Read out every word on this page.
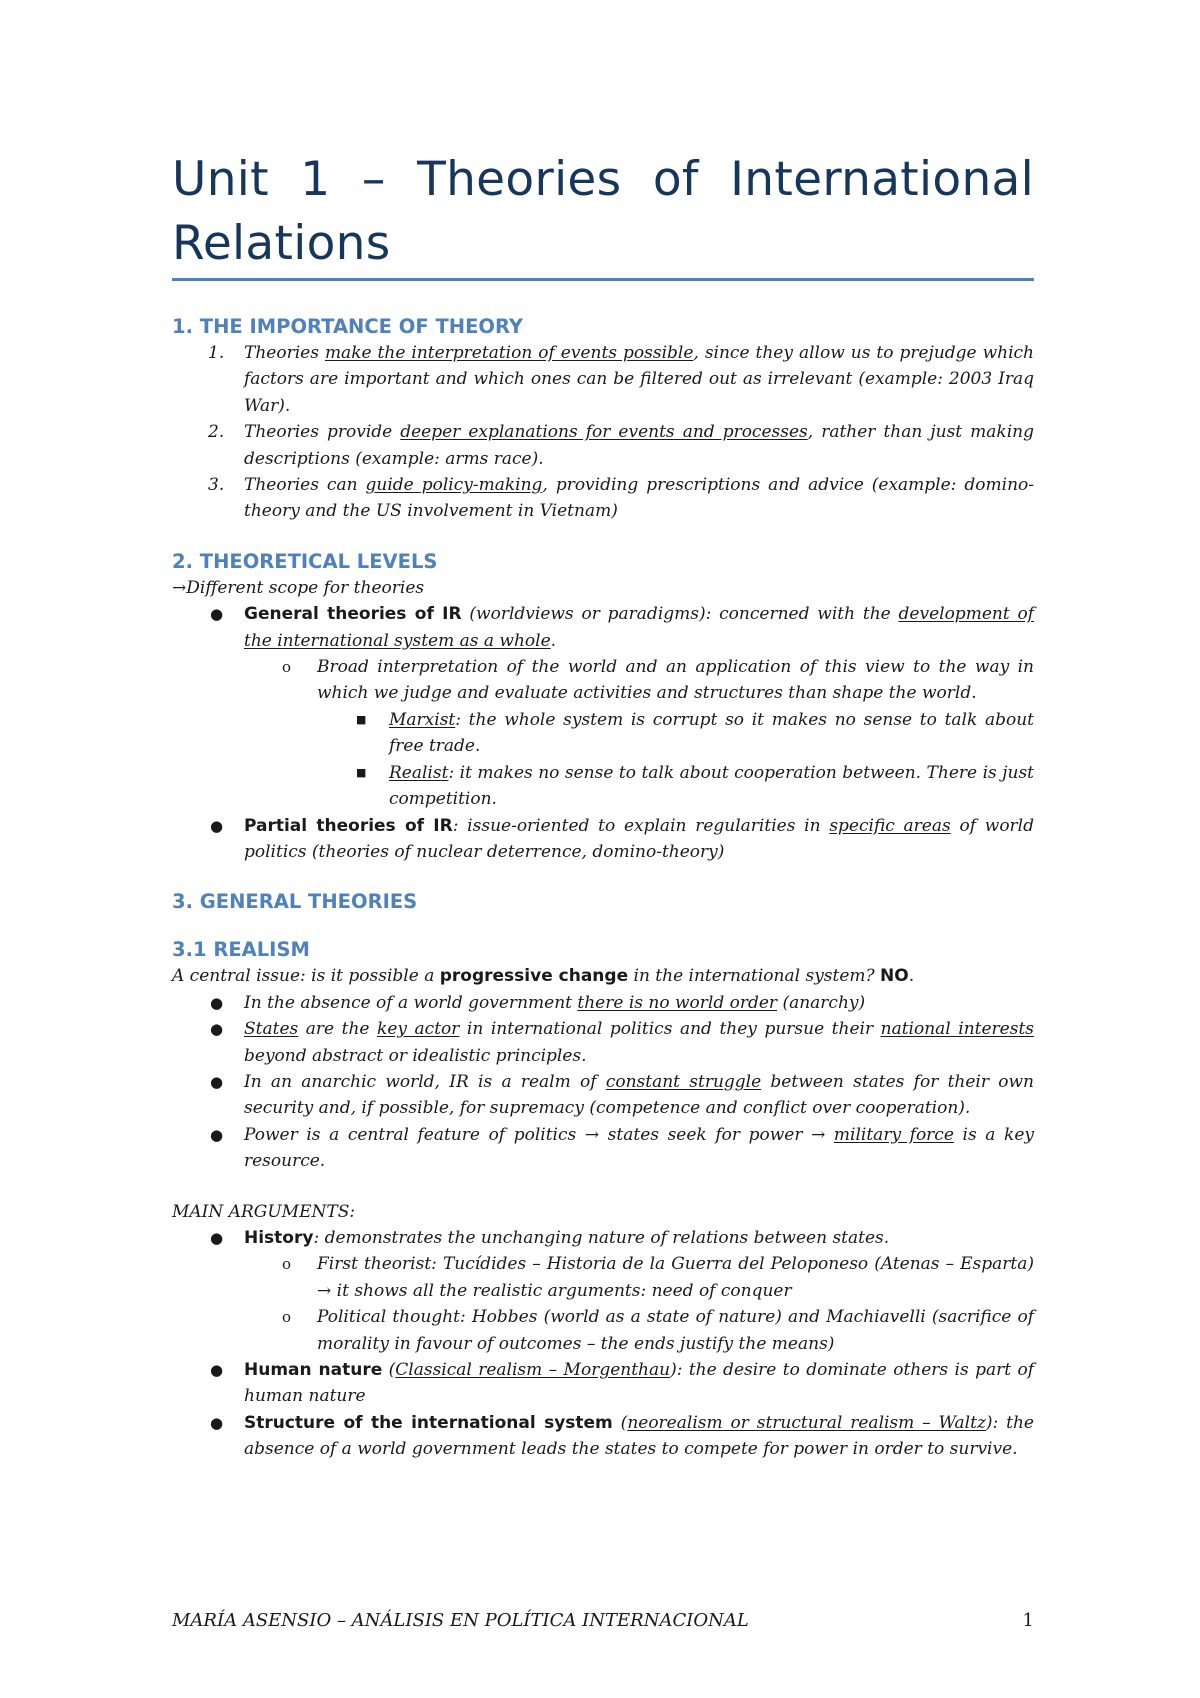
Unit 1 – Theories of International Relations
1. THE IMPORTANCE OF THEORY
1. Theories make the interpretation of events possible, since they allow us to prejudge which factors are important and which ones can be filtered out as irrelevant (example: 2003 Iraq War).
2. Theories provide deeper explanations for events and processes, rather than just making descriptions (example: arms race).
3. Theories can guide policy-making, providing prescriptions and advice (example: domino-theory and the US involvement in Vietnam)
2. THEORETICAL LEVELS

→Different scope for theories

● General theories of IR (worldviews or paradigms): concerned with the development of the international system as a whole.
o Broad interpretation of the world and an application of this view to the way in which we judge and evaluate activities and structures than shape the world.
■ Marxist: the whole system is corrupt so it makes no sense to talk about free trade.
■ Realist: it makes no sense to talk about cooperation between. There is just competition.
● Partial theories of IR: issue-oriented to explain regularities in specific areas of world politics (theories of nuclear deterrence, domino-theory)
3. GENERAL THEORIES
3.1 REALISM

A central issue: is it possible a progressive change in the international system? NO.

● In the absence of a world government there is no world order (anarchy)
● States are the key actor in international politics and they pursue their national interests beyond abstract or idealistic principles.
● In an anarchic world, IR is a realm of constant struggle between states for their own security and, if possible, for supremacy (competence and conflict over cooperation).
● Power is a central feature of politics → states seek for power → military force is a key resource.

MAIN ARGUMENTS:

● History: demonstrates the unchanging nature of relations between states.
o First theorist: Tucídides – Historia de la Guerra del Peloponeso (Atenas – Esparta) → it shows all the realistic arguments: need of conquer
o Political thought: Hobbes (world as a state of nature) and Machiavelli (sacrifice of morality in favour of outcomes – the ends justify the means)
● Human nature (Classical realism – Morgenthau): the desire to dominate others is part of human nature
● Structure of the international system (neorealism or structural realism – Waltz): the absence of a world government leads the states to compete for power in order to survive.
MARÍA ASENSIO – ANÁLISIS EN POLÍTICA INTERNACIONAL	1
